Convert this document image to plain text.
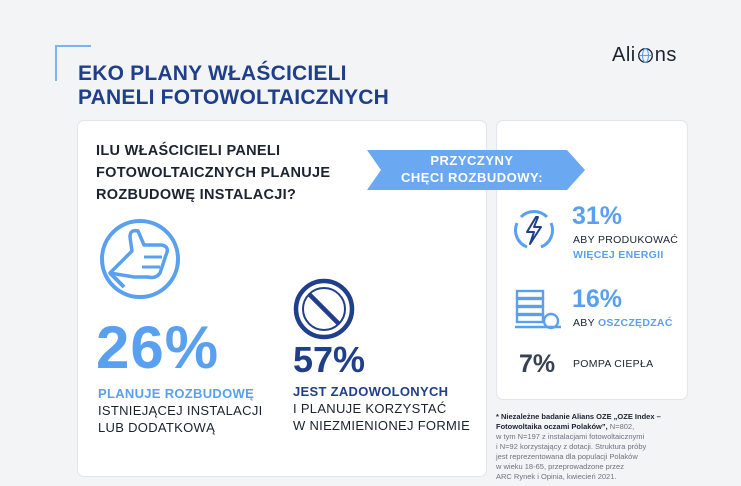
EKO PLANY WŁAŚCICIELI
PANELI FOTOWOLTAICZNYCH
Ali ns
ILU WŁAŚCICIELI PANELI
FOTOWOLTAICZNYCH PLANUJE
ROZBUDOWĘ INSTALACJI?
PRZYCZYNY
CHĘCI ROZBUDOWY:
26%
PLANUJE ROZBUDOWĘ
ISTNIEJĄCEJ INSTALACJI
LUB DODATKOWĄ
57%
JEST ZADOWOLONYCH
I PLANUJE KORZYSTAĆ
W NIEZMIENIONEJ FORMIE
31%
ABY PRODUKOWAĆ
WIĘCEJ ENERGII
16%
ABY OSZCZĘDZAĆ
7% POMPA CIEPŁA
* Niezależne badanie Alians OZE „OZE Index –
Fotowoltaika oczami Polaków”, N=802,
w tym N=197 z instalacjami fotowoltaicznymi
i N=92 korzystający z dotacji. Struktura próby
jest reprezentowana dla populacji Polaków
w wieku 18-65, przeprowadzone przez
ARC Rynek i Opinia, kwiecień 2021.
